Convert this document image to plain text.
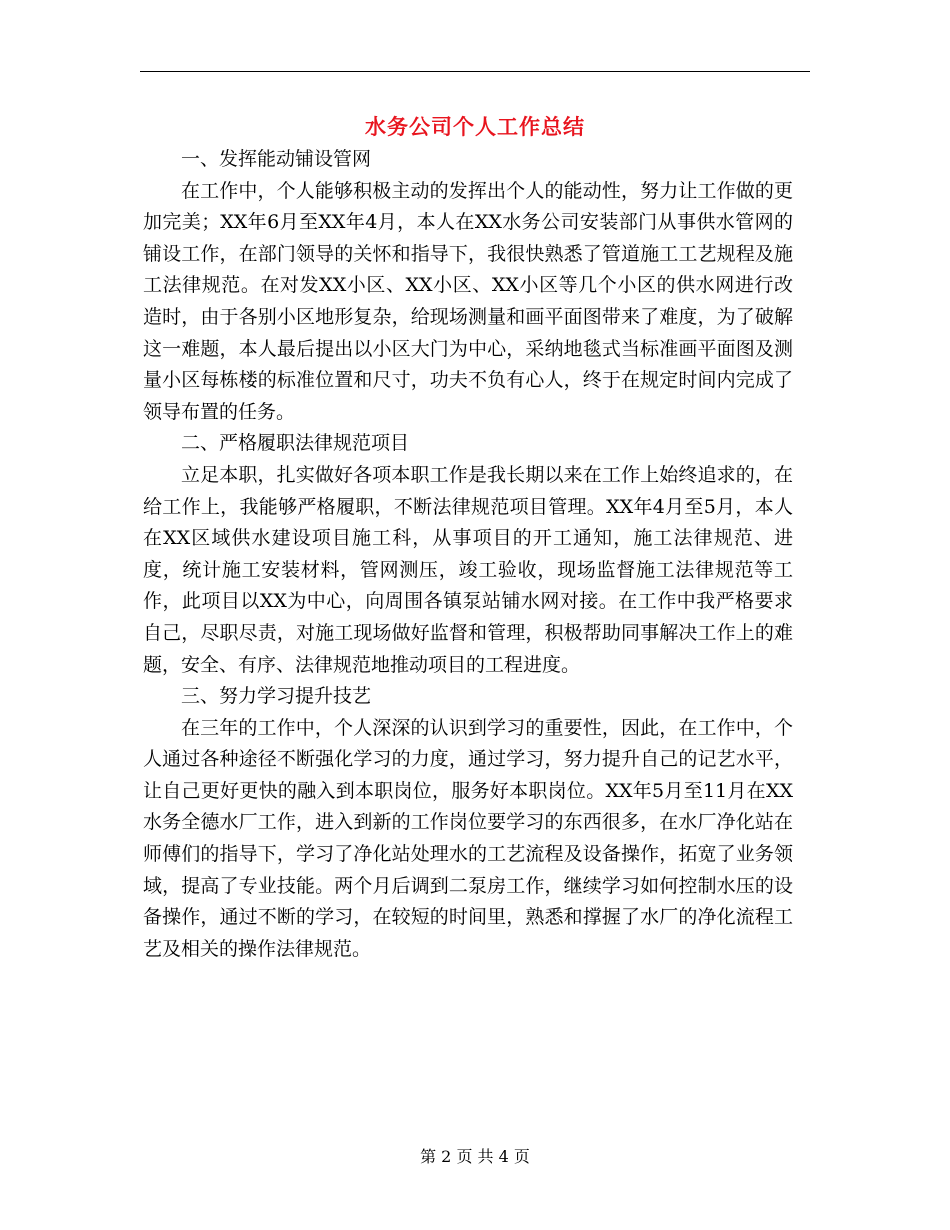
水务公司个人工作总结

一、发挥能动铺设管网

在工作中，个人能够积极主动的发挥出个人的能动性，努力让工作做的更加完美；XX年6月至XX年4月，本人在XX水务公司安装部门从事供水管网的铺设工作，在部门领导的关怀和指导下，我很快熟悉了管道施工工艺规程及施工法律规范。在对发XX小区、XX小区、XX小区等几个小区的供水网进行改造时，由于各别小区地形复杂，给现场测量和画平面图带来了难度，为了破解这一难题，本人最后提出以小区大门为中心，采纳地毯式当标准画平面图及测量小区每栋楼的标准位置和尺寸，功夫不负有心人，终于在规定时间内完成了领导布置的任务。

二、严格履职法律规范项目

立足本职，扎实做好各项本职工作是我长期以来在工作上始终追求的，在给工作上，我能够严格履职，不断法律规范项目管理。XX年4月至5月，本人在XX区域供水建设项目施工科，从事项目的开工通知，施工法律规范、进度，统计施工安装材料，管网测压，竣工验收，现场监督施工法律规范等工作，此项目以XX为中心，向周围各镇泵站铺水网对接。在工作中我严格要求自己，尽职尽责，对施工现场做好监督和管理，积极帮助同事解决工作上的难题，安全、有序、法律规范地推动项目的工程进度。

三、努力学习提升技艺

在三年的工作中，个人深深的认识到学习的重要性，因此，在工作中，个人通过各种途径不断强化学习的力度，通过学习，努力提升自己的记艺水平，让自己更好更快的融入到本职岗位，服务好本职岗位。XX年5月至11月在XX水务全德水厂工作，进入到新的工作岗位要学习的东西很多，在水厂净化站在师傅们的指导下，学习了净化站处理水的工艺流程及设备操作，拓宽了业务领域，提高了专业技能。两个月后调到二泵房工作，继续学习如何控制水压的设备操作，通过不断的学习，在较短的时间里，熟悉和撑握了水厂的净化流程工艺及相关的操作法律规范。

第 2 页 共 4 页
